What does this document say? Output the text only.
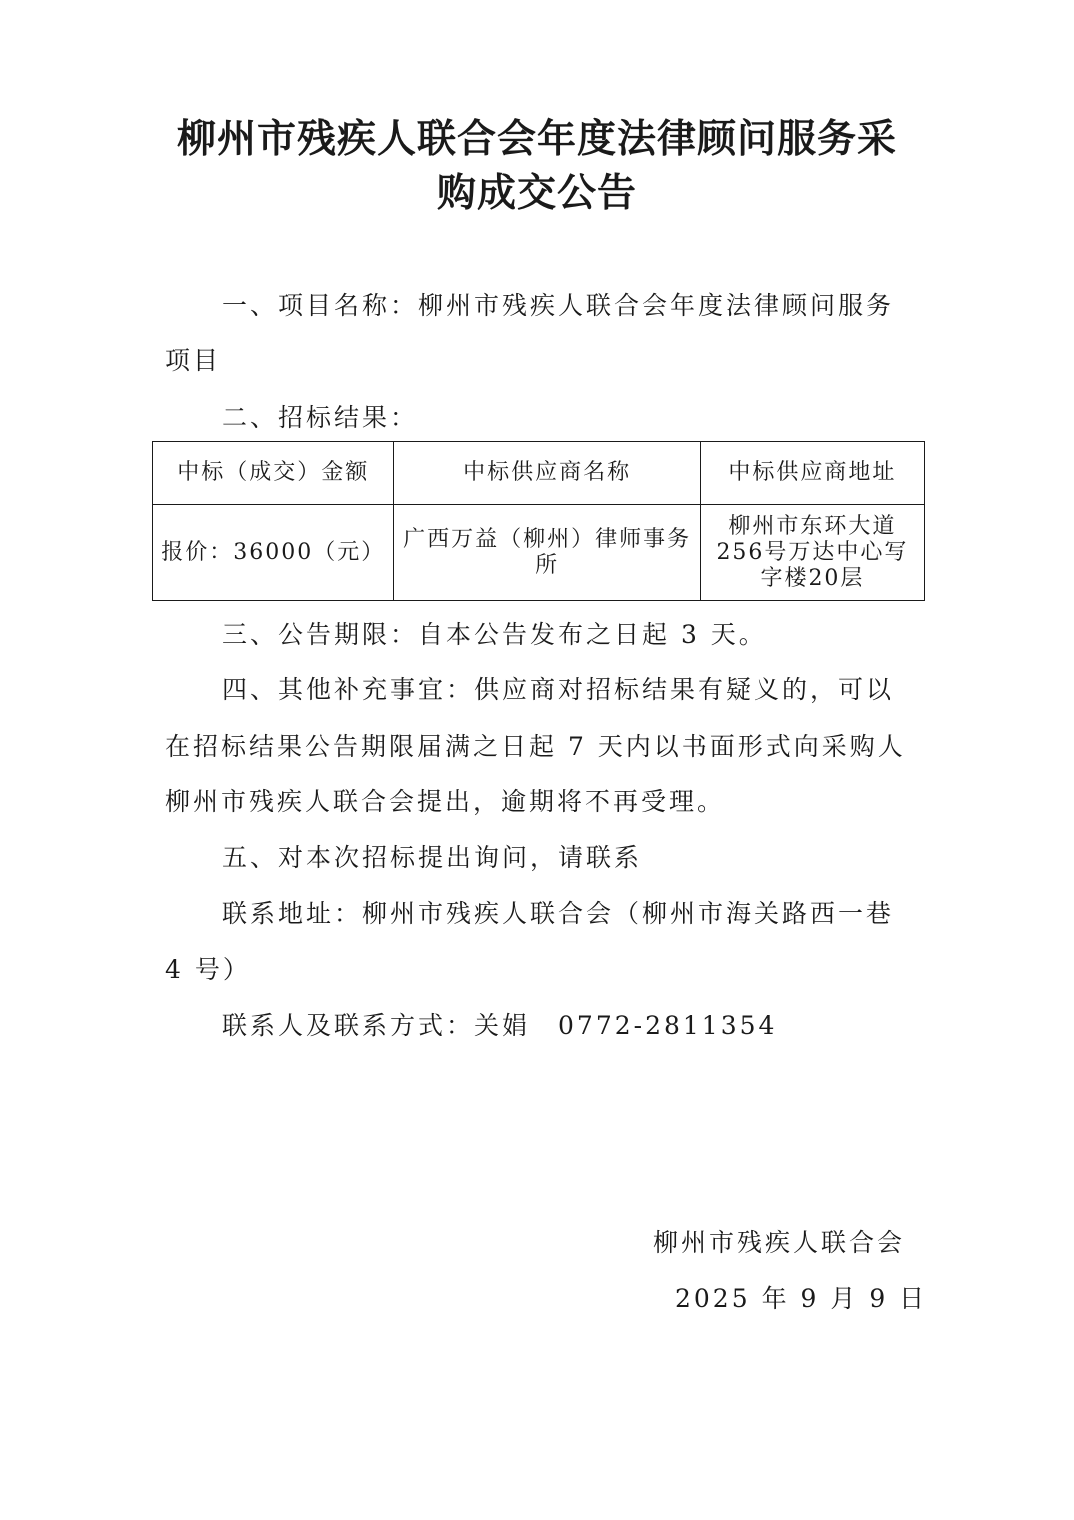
柳州市残疾人联合会年度法律顾问服务采
购成交公告

一、项目名称：柳州市残疾人联合会年度法律顾问服务

项目

二、招标结果：

中标（成交）金额	中标供应商名称	中标供应商地址
报价：36000（元）	广西万益（柳州）律师事务所	柳州市东环大道256号万达中心写字楼20层

三、公告期限：自本公告发布之日起 3 天。

四、其他补充事宜：供应商对招标结果有疑义的，可以

在招标结果公告期限届满之日起 7 天内以书面形式向采购人

柳州市残疾人联合会提出，逾期将不再受理。

五、对本次招标提出询问，请联系

联系地址：柳州市残疾人联合会（柳州市海关路西一巷

4 号）

联系人及联系方式：关娟　0772-2811354

柳州市残疾人联合会

2025 年 9 月 9 日
